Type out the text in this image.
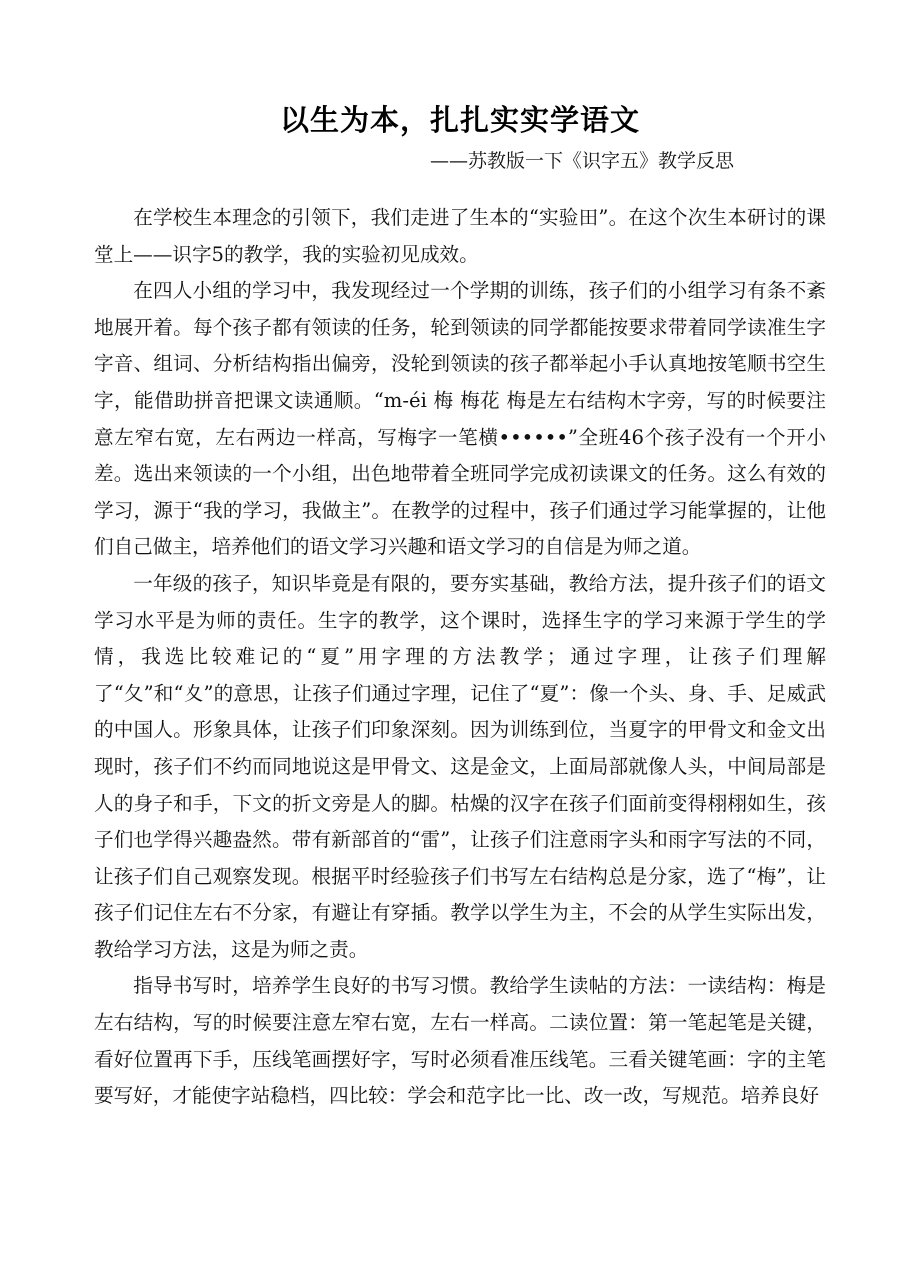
以生为本，扎扎实实学语文

——苏教版一下《识字五》教学反思

在学校生本理念的引领下，我们走进了生本的“实验田”。在这个次生本研讨的课堂上——识字5的教学，我的实验初见成效。

在四人小组的学习中，我发现经过一个学期的训练，孩子们的小组学习有条不紊地展开着。每个孩子都有领读的任务，轮到领读的同学都能按要求带着同学读准生字字音、组词、分析结构指出偏旁，没轮到领读的孩子都举起小手认真地按笔顺书空生字，能借助拼音把课文读通顺。“m-éi 梅 梅花 梅是左右结构木字旁，写的时候要注意左窄右宽，左右两边一样高，写梅字一笔横••••••”全班46个孩子没有一个开小差。选出来领读的一个小组，出色地带着全班同学完成初读课文的任务。这么有效的学习，源于“我的学习，我做主”。在教学的过程中，孩子们通过学习能掌握的，让他们自己做主，培养他们的语文学习兴趣和语文学习的自信是为师之道。

一年级的孩子，知识毕竟是有限的，要夯实基础，教给方法，提升孩子们的语文学习水平是为师的责任。生字的教学，这个课时，选择生字的学习来源于学生的学情，我选比较难记的“夏”用字理的方法教学；通过字理，让孩子们理解了“夂”和“夊”的意思，让孩子们通过字理，记住了“夏”：像一个头、身、手、足威武的中国人。形象具体，让孩子们印象深刻。因为训练到位，当夏字的甲骨文和金文出现时，孩子们不约而同地说这是甲骨文、这是金文，上面局部就像人头，中间局部是人的身子和手，下文的折文旁是人的脚。枯燥的汉字在孩子们面前变得栩栩如生，孩子们也学得兴趣盎然。带有新部首的“雷”，让孩子们注意雨字头和雨字写法的不同，让孩子们自己观察发现。根据平时经验孩子们书写左右结构总是分家，选了“梅”，让孩子们记住左右不分家，有避让有穿插。教学以学生为主，不会的从学生实际出发，教给学习方法，这是为师之责。

指导书写时，培养学生良好的书写习惯。教给学生读帖的方法：一读结构：梅是左右结构，写的时候要注意左窄右宽，左右一样高。二读位置：第一笔起笔是关键，看好位置再下手，压线笔画摆好字，写时必须看准压线笔。三看关键笔画：字的主笔要写好，才能使字站稳档，四比较：学会和范字比一比、改一改，写规范。培养良好
